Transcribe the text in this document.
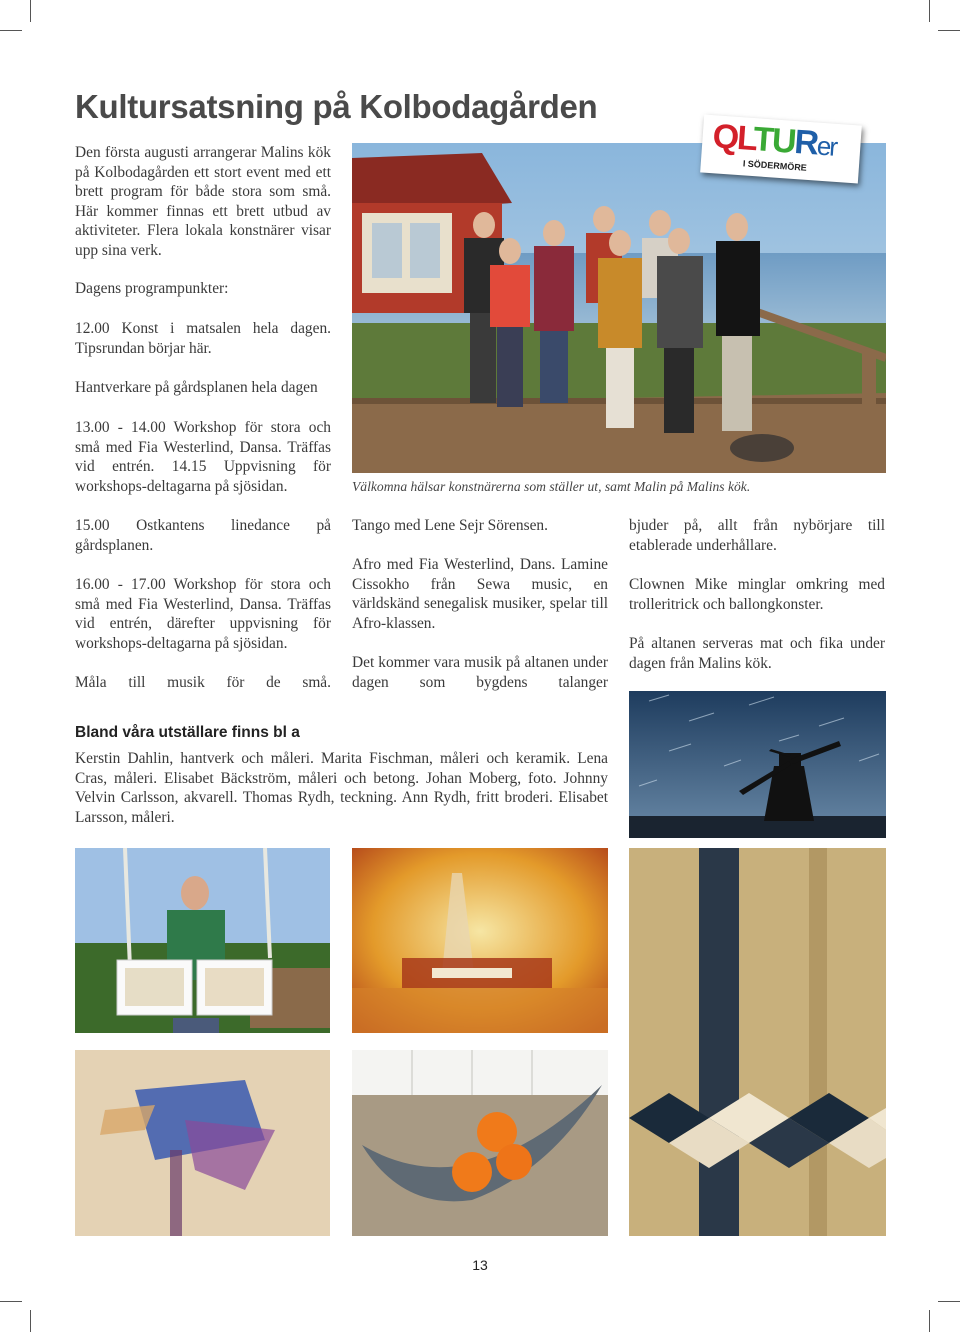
Kultursatsning på Kolbodagården

Den första augusti arrangerar Malins kök på Kolbodagården ett stort event med ett brett program för både stora som små. Här kommer finnas ett brett utbud av aktiviteter. Flera lokala konstnärer visar upp sina verk.

Dagens programpunkter:

12.00 Konst i matsalen hela dagen. Tipsrundan börjar här.

Hantverkare på gårdsplanen hela dagen

13.00 - 14.00 Workshop för stora och små med Fia Westerlind, Dansa. Träffas vid entrén. 14.15 Uppvisning för workshops-deltagarna på sjösidan.

15.00 Ostkantens linedance på gårdsplanen.

16.00 - 17.00 Workshop för stora och små med Fia Westerlind, Dansa. Träffas vid entrén, därefter uppvisning för workshops-deltagarna på sjösidan.

Måla till musik för de små.

Tango med Lene Sejr Sörensen.

Afro med Fia Westerlind, Dans. Lamine Cissokho från Sewa music, en världskänd senegalisk musiker, spelar till Afro-klassen.

Det kommer vara musik på altanen under dagen som bygdens talanger

bjuder på, allt från nybörjare till etablerade underhållare.

Clownen Mike minglar omkring med trolleritrick och ballongkonster.

På altanen serveras mat och fika under dagen från Malins kök.

QLTURer
I SÖDERMÖRE
Välkomna hälsar konstnärerna som ställer ut, samt Malin på Malins kök.
Bland våra utställare finns bl a

Kerstin Dahlin, hantverk och måleri. Marita Fischman, måleri och keramik. Lena Cras, måleri. Elisabet Bäckström, måleri och betong. Johan Moberg, foto. Johnny Velvin Carlsson, akvarell. Thomas Rydh, teckning. Ann Rydh, fritt broderi. Elisabet Larsson, måleri.

13
